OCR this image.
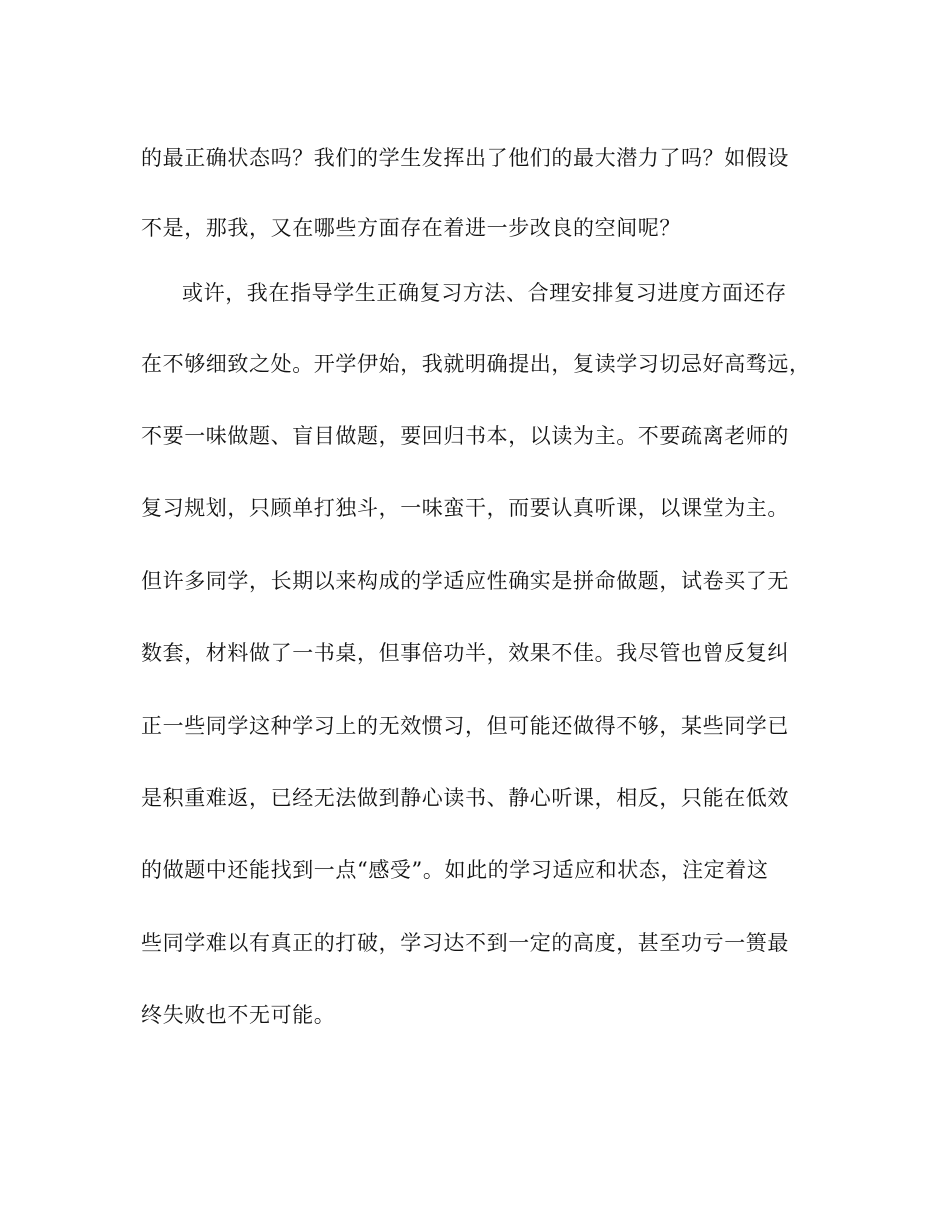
的最正确状态吗？我们的学生发挥出了他们的最大潜力了吗？如假设
不是，那我，又在哪些方面存在着进一步改良的空间呢？
或许，我在指导学生正确复习方法、合理安排复习进度方面还存
在不够细致之处。开学伊始，我就明确提出，复读学习切忌好高骛远，
不要一味做题、盲目做题，要回归书本，以读为主。不要疏离老师的
复习规划，只顾单打独斗，一味蛮干，而要认真听课，以课堂为主。
但许多同学，长期以来构成的学适应性确实是拼命做题，试卷买了无
数套，材料做了一书桌，但事倍功半，效果不佳。我尽管也曾反复纠
正一些同学这种学习上的无效惯习，但可能还做得不够，某些同学已
是积重难返，已经无法做到静心读书、静心听课，相反，只能在低效
的做题中还能找到一点“感受”。如此的学习适应和状态，注定着这
些同学难以有真正的打破，学习达不到一定的高度，甚至功亏一篑最
终失败也不无可能。
